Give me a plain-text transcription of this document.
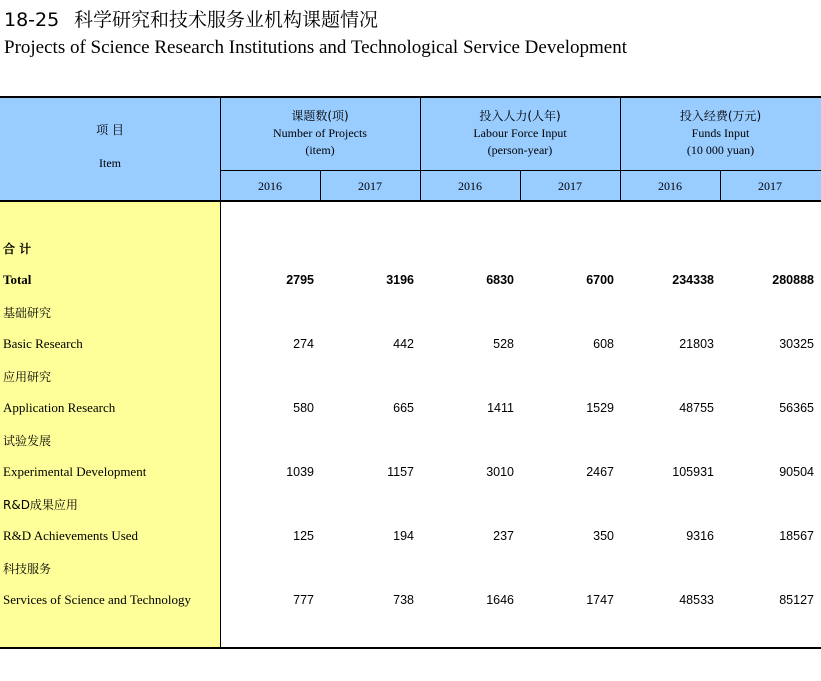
18-25 科学研究和技术服务业机构课题情况
Projects of Science Research Institutions and Technological Service Development
项 目
Item
课题数(项)
Number of Projects
(item)
投入人力(人年)
Labour Force Input
(person-year)
投入经费(万元)
Funds Input
(10 000 yuan)
2016	2017	2016	2017	2016	2017
合 计
Total	2795	3196	6830	6700	234338	280888
基础研究
Basic Research	274	442	528	608	21803	30325
应用研究
Application Research	580	665	1411	1529	48755	56365
试验发展
Experimental Development	1039	1157	3010	2467	105931	90504
R&D成果应用
R&D Achievements Used	125	194	237	350	9316	18567
科技服务
Services of Science and Technology	777	738	1646	1747	48533	85127
